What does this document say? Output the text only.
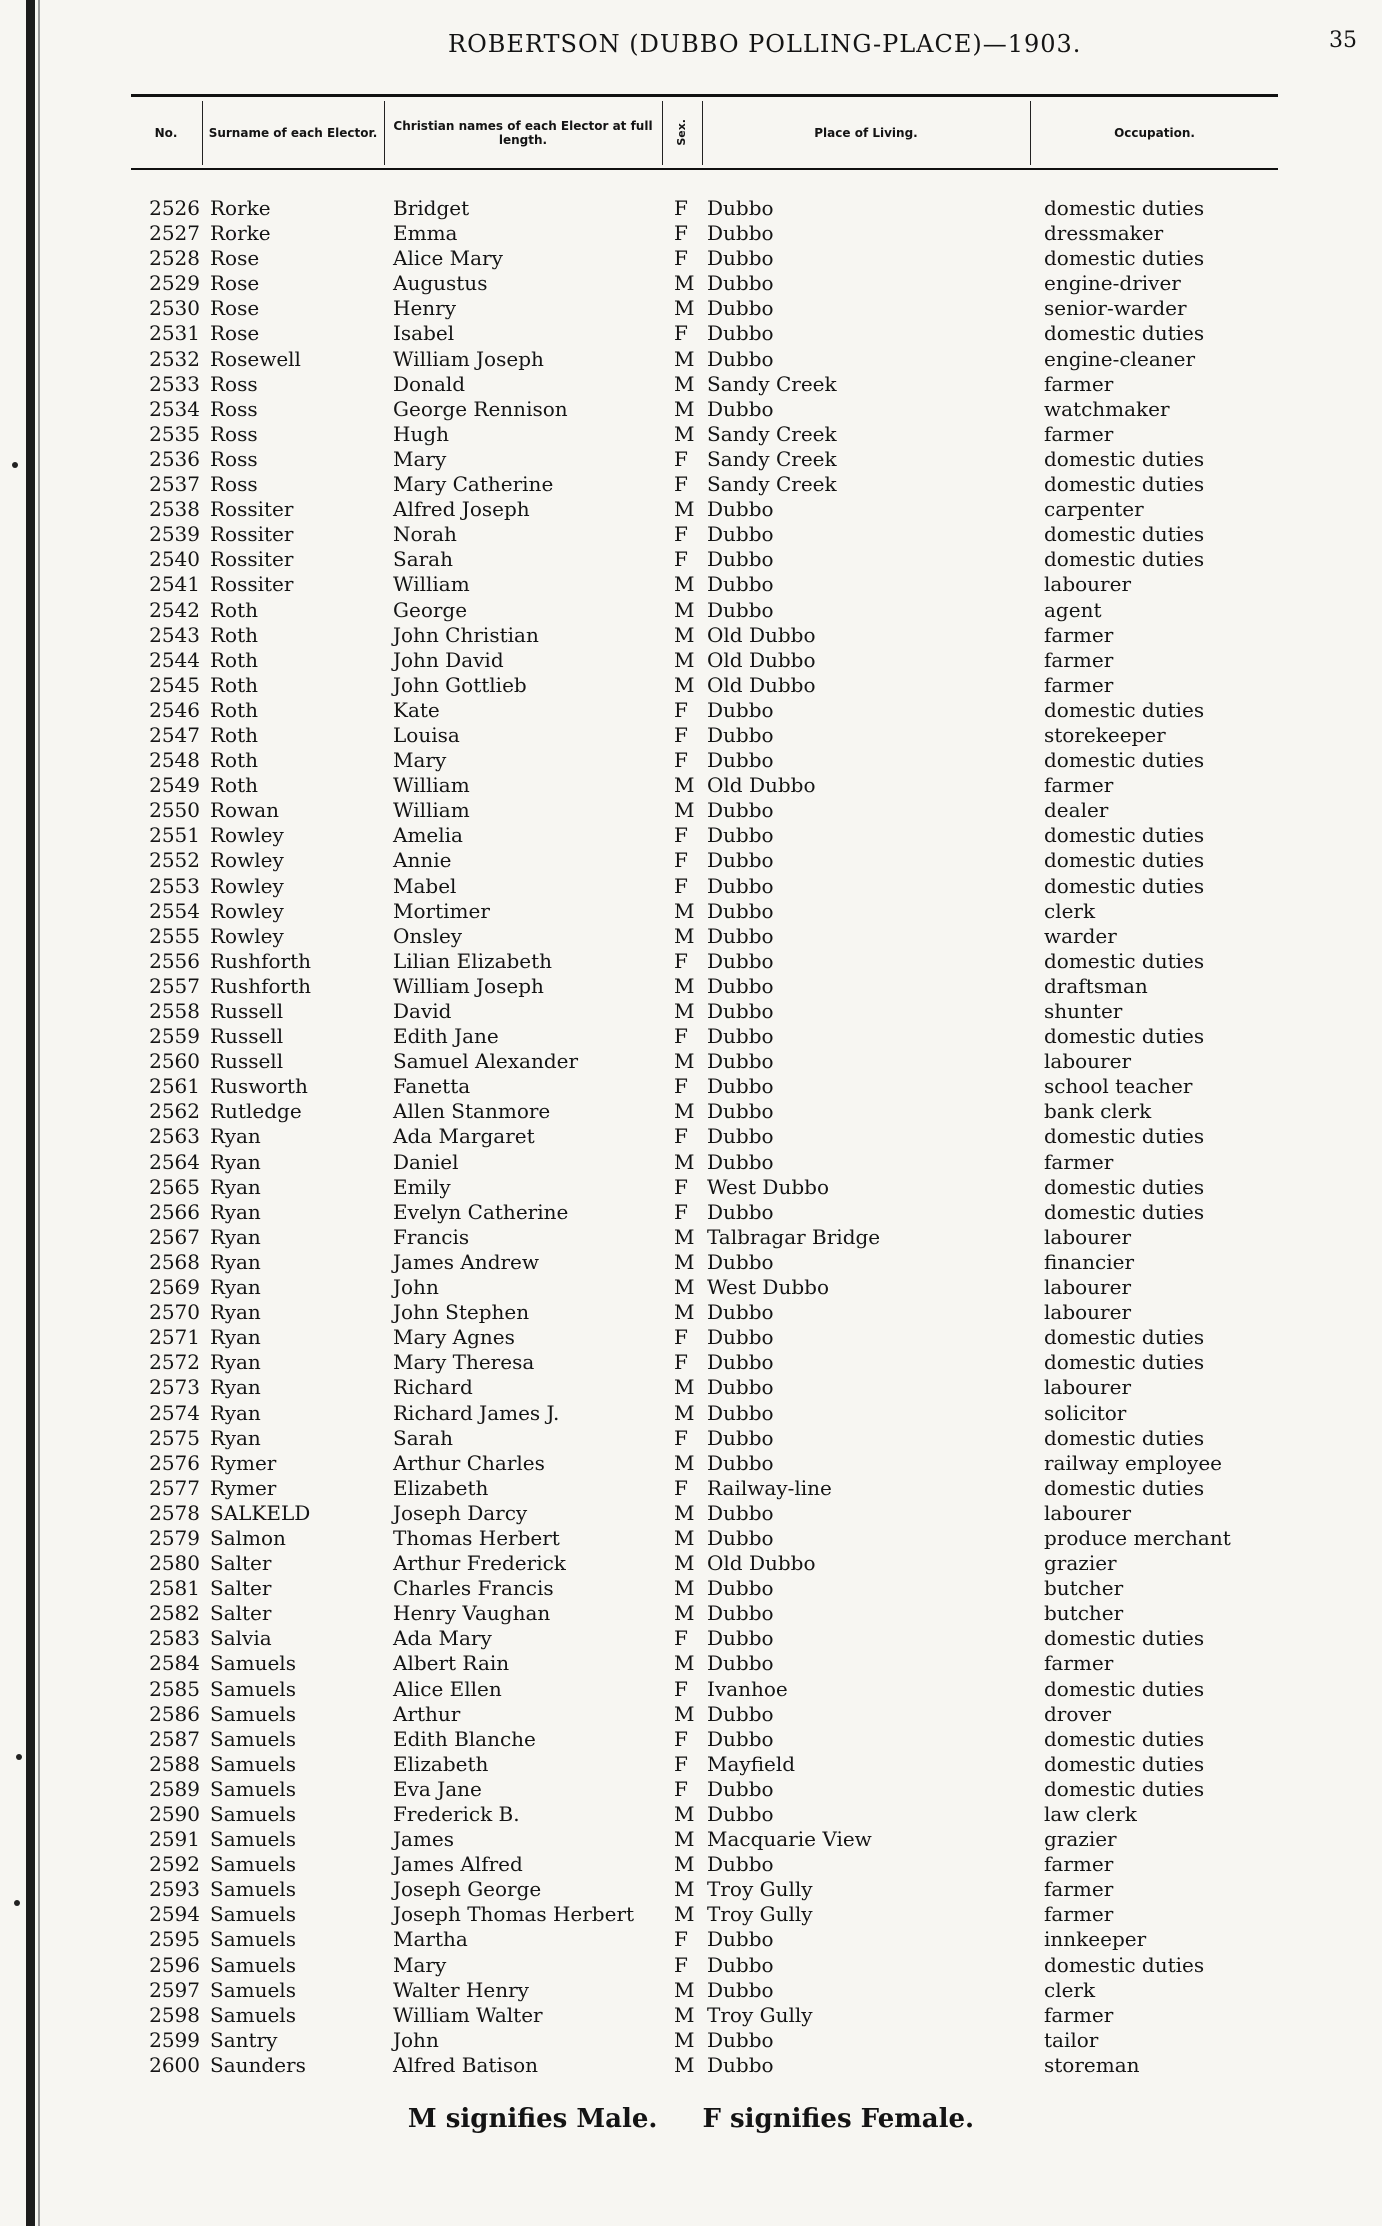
ROBERTSON (DUBBO POLLING-PLACE)—1903.	35
No.	Surname of each Elector.	Christian names of each Elector at full length.	Sex.	Place of Living.	Occupation.
2526 Rorke	Bridget	F Dubbo	domestic duties
2527 Rorke	Emma	F Dubbo	dressmaker
2528 Rose	Alice Mary	F Dubbo	domestic duties
2529 Rose	Augustus	M Dubbo	engine-driver
2530 Rose	Henry	M Dubbo	senior-warder
2531 Rose	Isabel	F Dubbo	domestic duties
2532 Rosewell	William Joseph	M Dubbo	engine-cleaner
2533 Ross	Donald	M Sandy Creek	farmer
2534 Ross	George Rennison	M Dubbo	watchmaker
2535 Ross	Hugh	M Sandy Creek	farmer
2536 Ross	Mary	F Sandy Creek	domestic duties
2537 Ross	Mary Catherine	F Sandy Creek	domestic duties
2538 Rossiter	Alfred Joseph	M Dubbo	carpenter
2539 Rossiter	Norah	F Dubbo	domestic duties
2540 Rossiter	Sarah	F Dubbo	domestic duties
2541 Rossiter	William	M Dubbo	labourer
2542 Roth	George	M Dubbo	agent
2543 Roth	John Christian	M Old Dubbo	farmer
2544 Roth	John David	M Old Dubbo	farmer
2545 Roth	John Gottlieb	M Old Dubbo	farmer
2546 Roth	Kate	F Dubbo	domestic duties
2547 Roth	Louisa	F Dubbo	storekeeper
2548 Roth	Mary	F Dubbo	domestic duties
2549 Roth	William	M Old Dubbo	farmer
2550 Rowan	William	M Dubbo	dealer
2551 Rowley	Amelia	F Dubbo	domestic duties
2552 Rowley	Annie	F Dubbo	domestic duties
2553 Rowley	Mabel	F Dubbo	domestic duties
2554 Rowley	Mortimer	M Dubbo	clerk
2555 Rowley	Onsley	M Dubbo	warder
2556 Rushforth	Lilian Elizabeth	F Dubbo	domestic duties
2557 Rushforth	William Joseph	M Dubbo	draftsman
2558 Russell	David	M Dubbo	shunter
2559 Russell	Edith Jane	F Dubbo	domestic duties
2560 Russell	Samuel Alexander	M Dubbo	labourer
2561 Rusworth	Fanetta	F Dubbo	school teacher
2562 Rutledge	Allen Stanmore	M Dubbo	bank clerk
2563 Ryan	Ada Margaret	F Dubbo	domestic duties
2564 Ryan	Daniel	M Dubbo	farmer
2565 Ryan	Emily	F West Dubbo	domestic duties
2566 Ryan	Evelyn Catherine	F Dubbo	domestic duties
2567 Ryan	Francis	M Talbragar Bridge	labourer
2568 Ryan	James Andrew	M Dubbo	financier
2569 Ryan	John	M West Dubbo	labourer
2570 Ryan	John Stephen	M Dubbo	labourer
2571 Ryan	Mary Agnes	F Dubbo	domestic duties
2572 Ryan	Mary Theresa	F Dubbo	domestic duties
2573 Ryan	Richard	M Dubbo	labourer
2574 Ryan	Richard James J.	M Dubbo	solicitor
2575 Ryan	Sarah	F Dubbo	domestic duties
2576 Rymer	Arthur Charles	M Dubbo	railway employee
2577 Rymer	Elizabeth	F Railway-line	domestic duties
2578 SALKELD	Joseph Darcy	M Dubbo	labourer
2579 Salmon	Thomas Herbert	M Dubbo	produce merchant
2580 Salter	Arthur Frederick	M Old Dubbo	grazier
2581 Salter	Charles Francis	M Dubbo	butcher
2582 Salter	Henry Vaughan	M Dubbo	butcher
2583 Salvia	Ada Mary	F Dubbo	domestic duties
2584 Samuels	Albert Rain	M Dubbo	farmer
2585 Samuels	Alice Ellen	F Ivanhoe	domestic duties
2586 Samuels	Arthur	M Dubbo	drover
2587 Samuels	Edith Blanche	F Dubbo	domestic duties
2588 Samuels	Elizabeth	F Mayfield	domestic duties
2589 Samuels	Eva Jane	F Dubbo	domestic duties
2590 Samuels	Frederick B.	M Dubbo	law clerk
2591 Samuels	James	M Macquarie View	grazier
2592 Samuels	James Alfred	M Dubbo	farmer
2593 Samuels	Joseph George	M Troy Gully	farmer
2594 Samuels	Joseph Thomas Herbert M Troy Gully	farmer
2595 Samuels	Martha	F Dubbo	innkeeper
2596 Samuels	Mary	F Dubbo	domestic duties
2597 Samuels	Walter Henry	M Dubbo	clerk
2598 Samuels	William Walter	M Troy Gully	farmer
2599 Santry	John	M Dubbo	tailor
2600 Saunders	Alfred Batison	M Dubbo	storeman
M signifies Male. F signifies Female.
